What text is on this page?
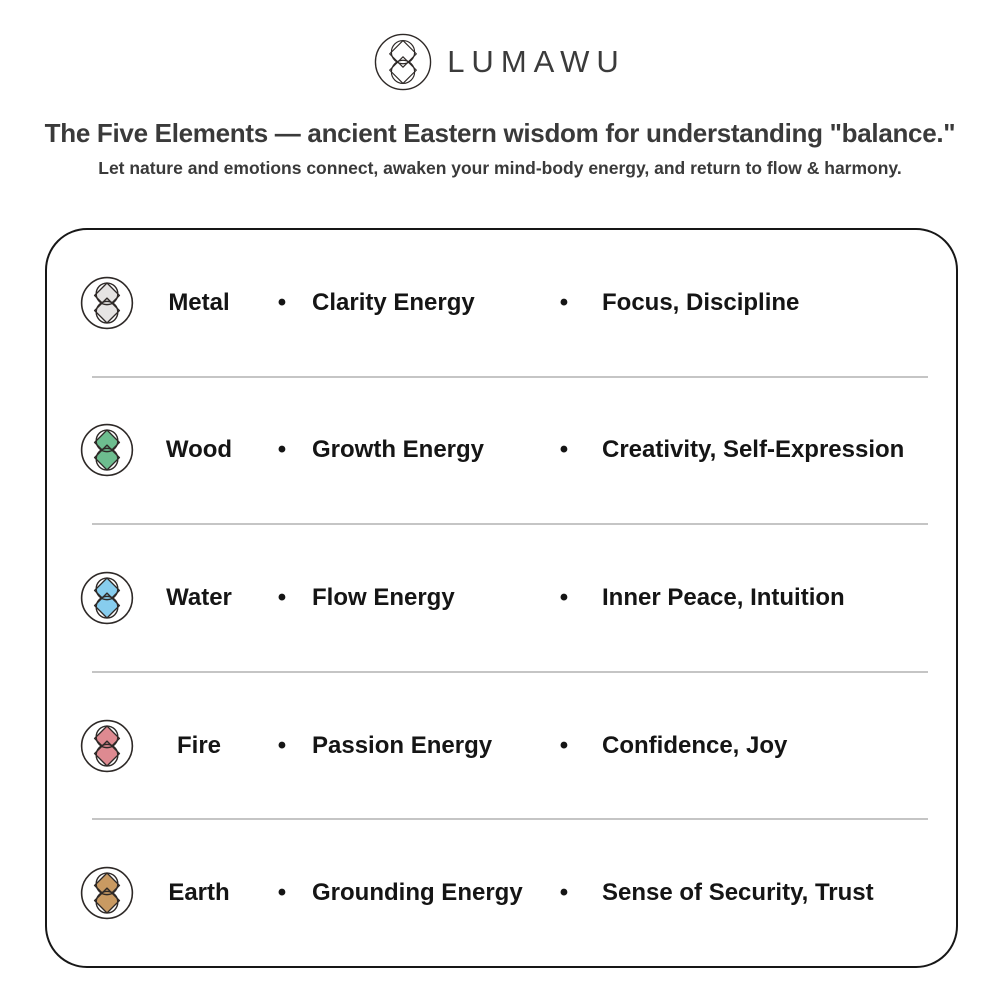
LUMAWU
The Five Elements — ancient Eastern wisdom for understanding "balance."
Let nature and emotions connect, awaken your mind-body energy, and return to flow & harmony.
Metal	•	Clarity Energy	•	Focus, Discipline
Wood	•	Growth Energy	•	Creativity, Self-Expression
Water	•	Flow Energy	•	Inner Peace, Intuition
Fire	•	Passion Energy	•	Confidence, Joy
Earth	•	Grounding Energy	•	Sense of Security, Trust
